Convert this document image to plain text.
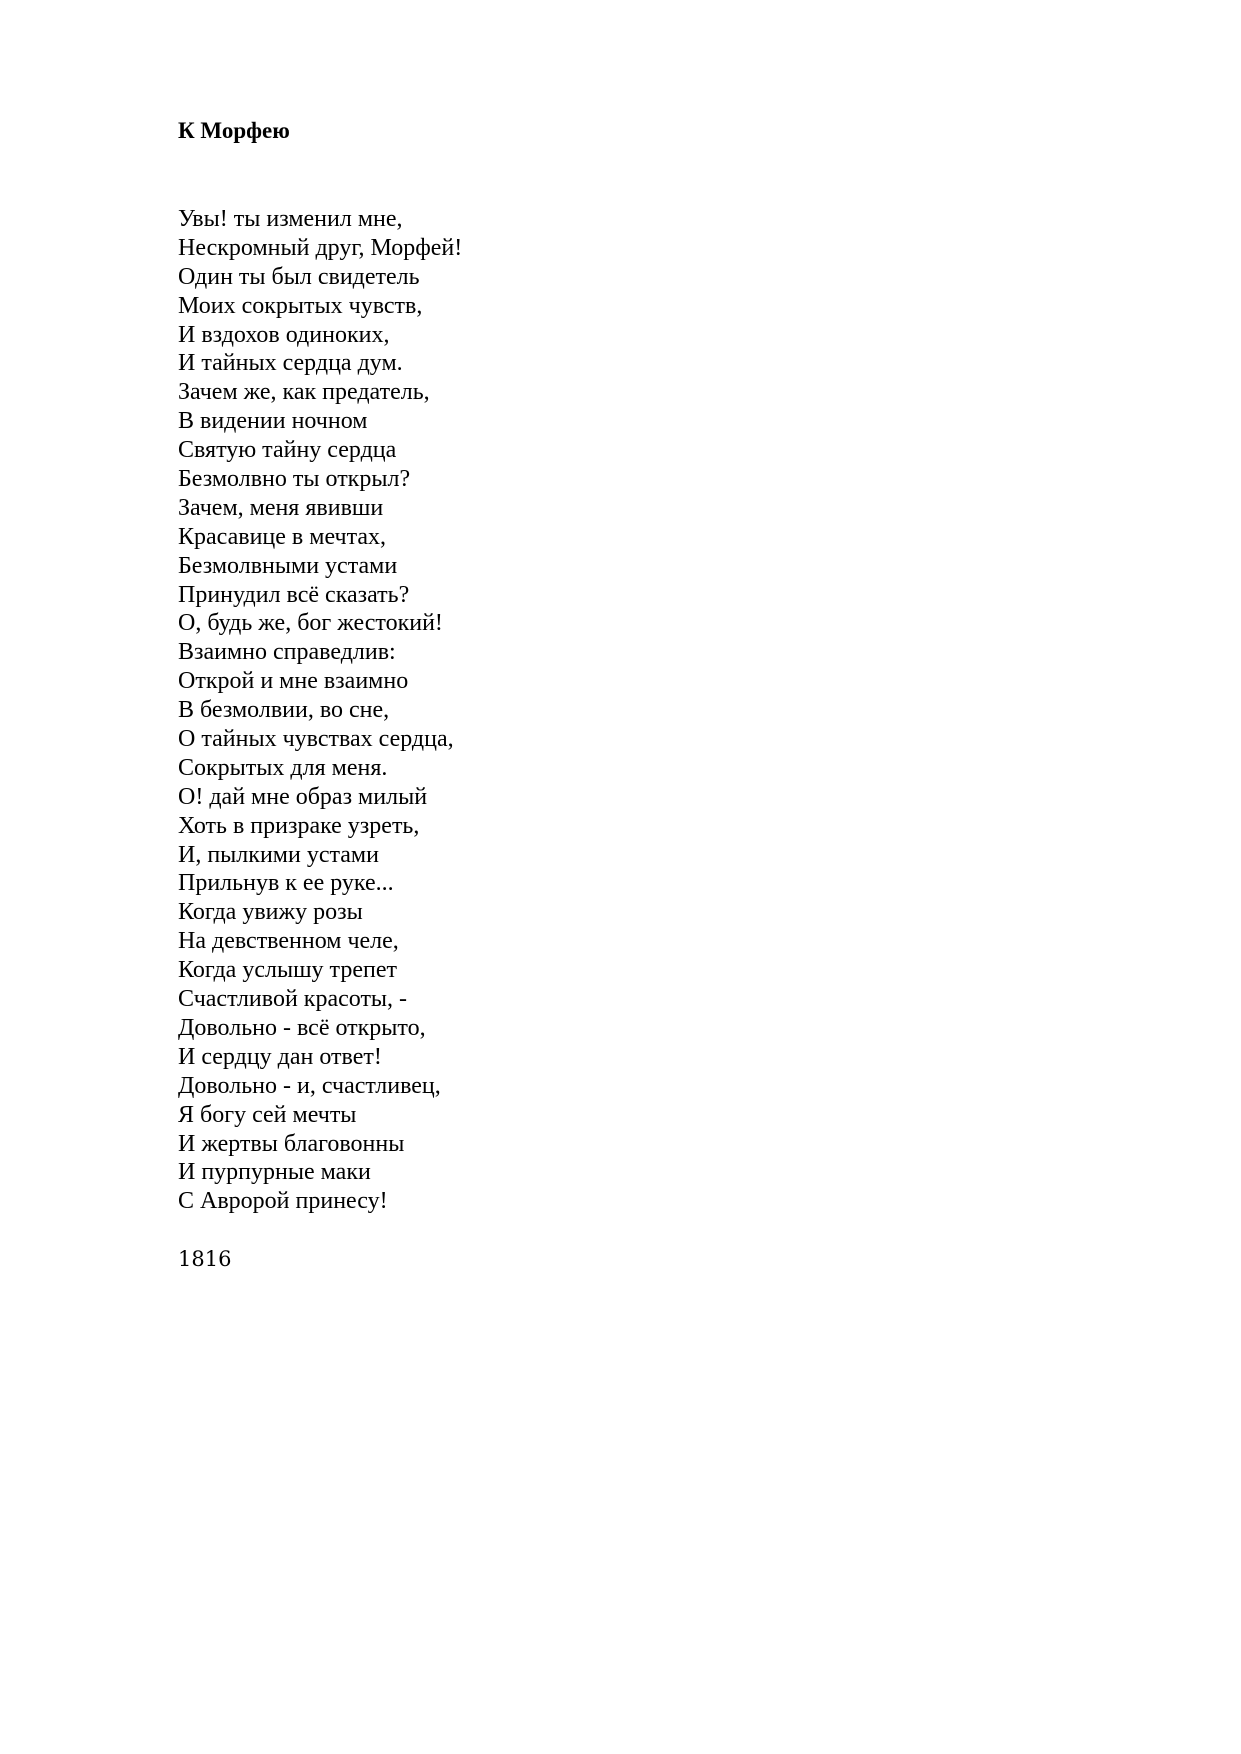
К Морфею
Увы! ты изменил мне,
Нескромный друг, Морфей!
Один ты был свидетель
Моих сокрытых чувств,
И вздохов одиноких,
И тайных сердца дум.
Зачем же, как предатель,
В видении ночном
Святую тайну сердца
Безмолвно ты открыл?
Зачем, меня явивши
Красавице в мечтах,
Безмолвными устами
Принудил всё сказать?
О, будь же, бог жестокий!
Взаимно справедлив:
Открой и мне взаимно
В безмолвии, во сне,
О тайных чувствах сердца,
Сокрытых для меня.
О! дай мне образ милый
Хоть в призраке узреть,
И, пылкими устами
Прильнув к ее руке...
Когда увижу розы
На девственном челе,
Когда услышу трепет
Счастливой красоты, -
Довольно - всё открыто,
И сердцу дан ответ!
Довольно - и, счастливец,
Я богу сей мечты
И жертвы благовонны
И пурпурные маки
С Авророй принесу!

1816
